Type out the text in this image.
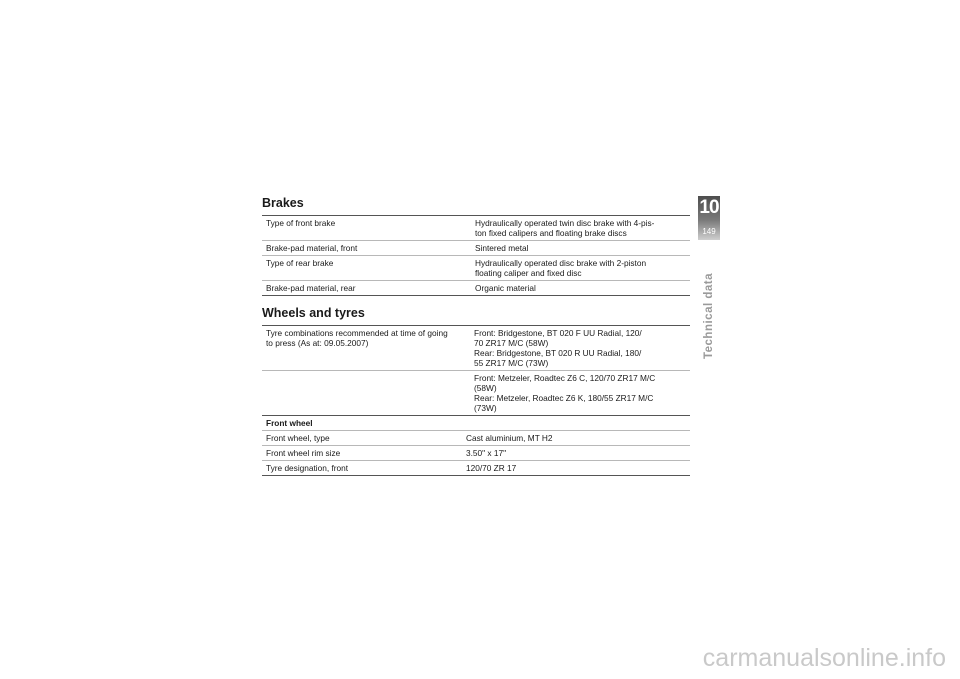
Brakes
Type of front brake	Hydraulically operated twin disc brake with 4-pis-
ton fixed calipers and floating brake discs

Brake-pad material, front	Sintered metal

Type of rear brake	Hydraulically operated disc brake with 2-piston
floating caliper and fixed disc

Brake-pad material, rear	Organic material
Wheels and tyres
Tyre combinations recommended at time of going
to press (As at: 09.05.2007)	Front: Bridgestone, BT 020 F UU Radial, 120/
70 ZR17 M/C (58W)
Rear: Bridgestone, BT 020 R UU Radial, 180/
55 ZR17 M/C (73W)

	Front: Metzeler, Roadtec Z6 C, 120/70 ZR17 M/C
(58W)
Rear: Metzeler, Roadtec Z6 K, 180/55 ZR17 M/C
(73W)
Front wheel	
Front wheel, type	Cast aluminium, MT H2
Front wheel rim size	3.50" x 17"
Tyre designation, front	120/70 ZR 17
10
149
Technical data
carmanualsonline.info
